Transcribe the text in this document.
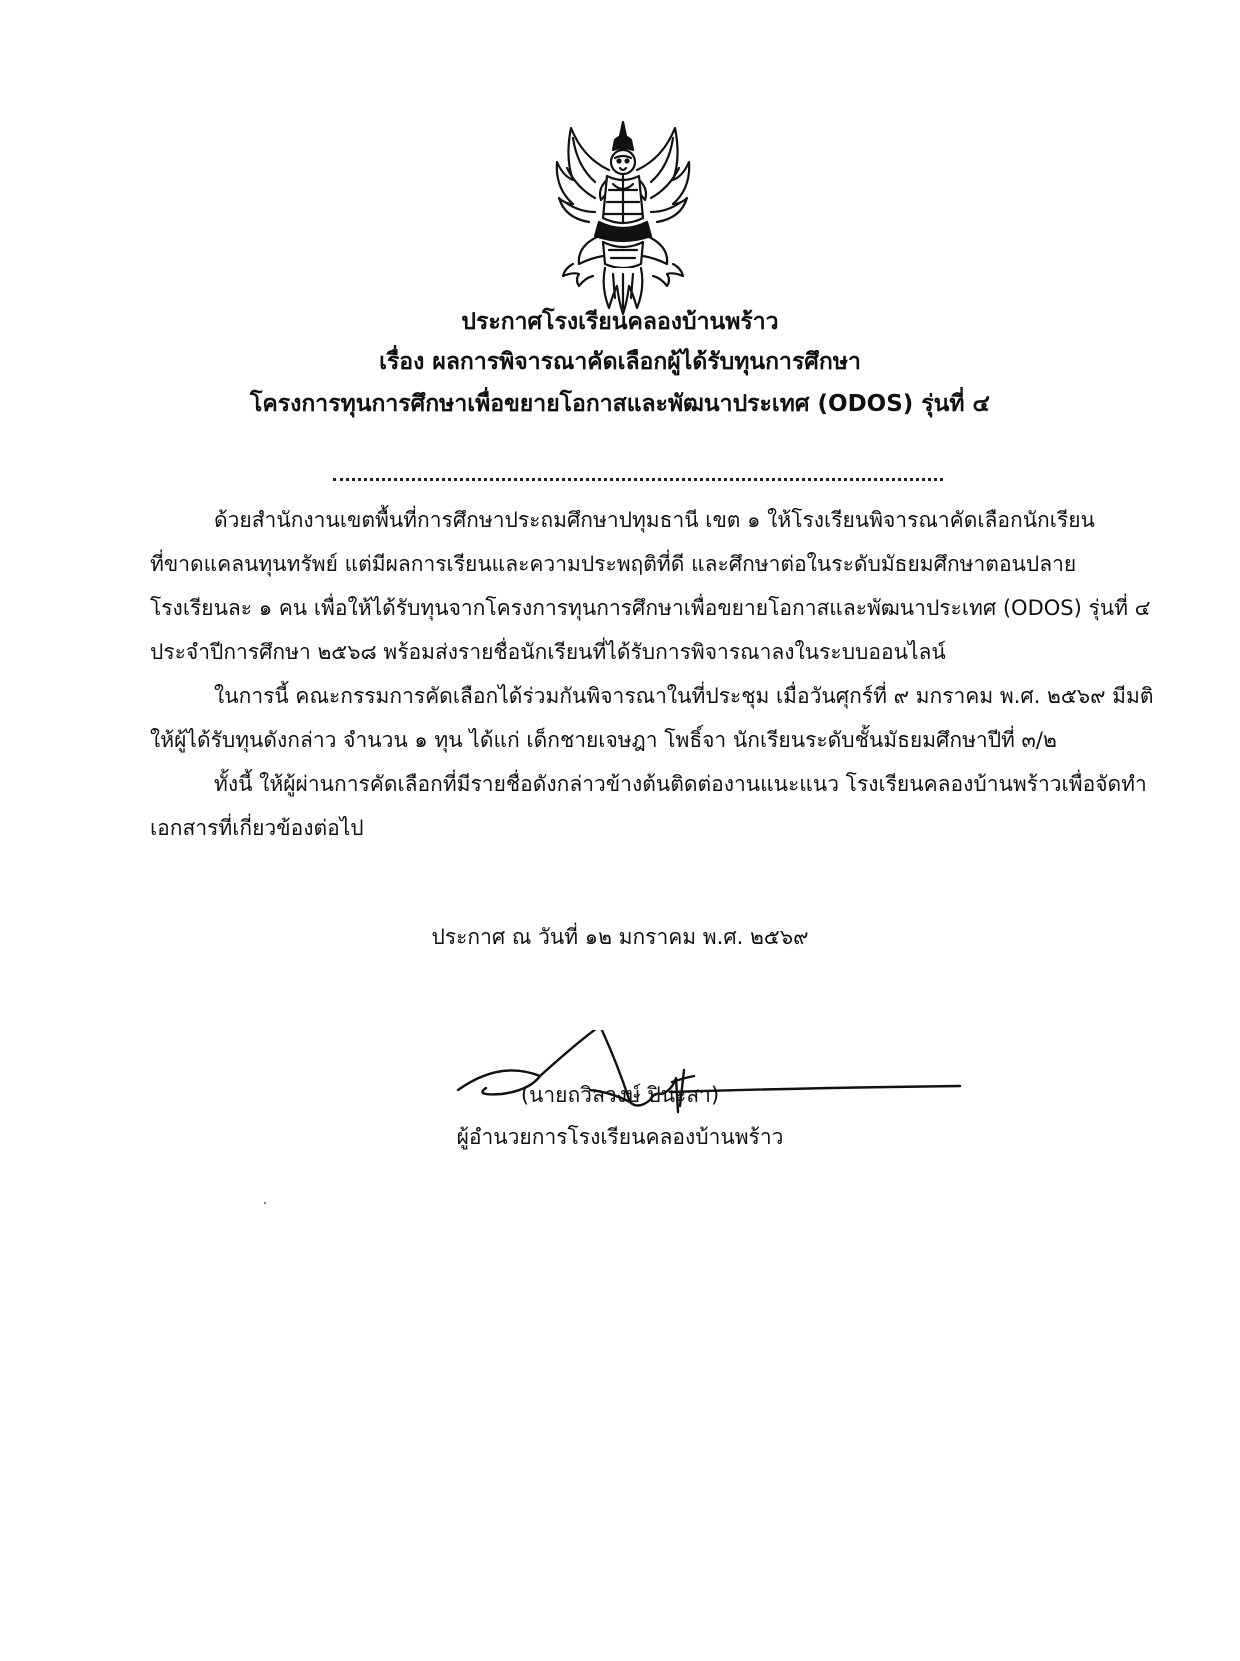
ประกาศโรงเรียนคลองบ้านพร้าว
เรื่อง ผลการพิจารณาคัดเลือกผู้ได้รับทุนการศึกษา
โครงการทุนการศึกษาเพื่อขยายโอกาสและพัฒนาประเทศ (ODOS) รุ่นที่ ๔
ด้วยสำนักงานเขตพื้นที่การศึกษาประถมศึกษาปทุมธานี เขต ๑ ให้โรงเรียนพิจารณาคัดเลือกนักเรียน
ที่ขาดแคลนทุนทรัพย์ แต่มีผลการเรียนและความประพฤติที่ดี และศึกษาต่อในระดับมัธยมศึกษาตอนปลาย
โรงเรียนละ ๑ คน เพื่อให้ได้รับทุนจากโครงการทุนการศึกษาเพื่อขยายโอกาสและพัฒนาประเทศ (ODOS) รุ่นที่ ๔
ประจำปีการศึกษา ๒๕๖๘ พร้อมส่งรายชื่อนักเรียนที่ได้รับการพิจารณาลงในระบบออนไลน์
ในการนี้ คณะกรรมการคัดเลือกได้ร่วมกันพิจารณาในที่ประชุม เมื่อวันศุกร์ที่ ๙ มกราคม พ.ศ. ๒๕๖๙ มีมติ
ให้ผู้ได้รับทุนดังกล่าว จำนวน ๑ ทุน ได้แก่ เด็กชายเจษฎา โพธิ์จา นักเรียนระดับชั้นมัธยมศึกษาปีที่ ๓/๒
ทั้งนี้ ให้ผู้ผ่านการคัดเลือกที่มีรายชื่อดังกล่าวข้างต้นติดต่องานแนะแนว โรงเรียนคลองบ้านพร้าวเพื่อจัดทำ
เอกสารที่เกี่ยวข้องต่อไป
ประกาศ ณ วันที่ ๑๒ มกราคม พ.ศ. ๒๕๖๙
(นายถวิลวงษ์ ปินะสา)
ผู้อำนวยการโรงเรียนคลองบ้านพร้าว
